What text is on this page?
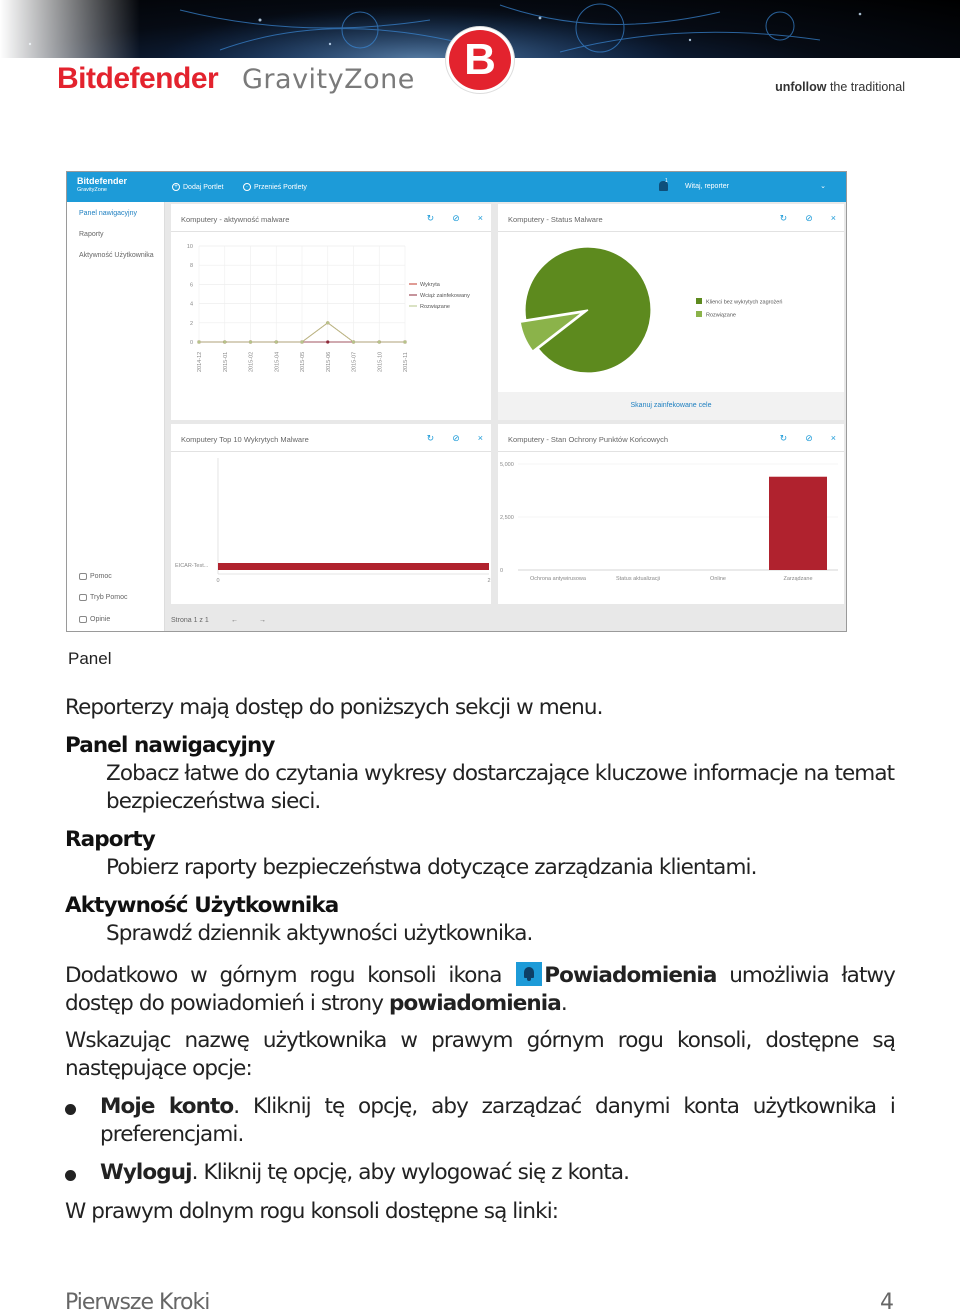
Bitdefender GravityZone	B
unfollow the traditional
Bitdefender
GravityZone	+ Dodaj Portlet	· Przenieś Portlety
1
Witaj, reporter	⌄
Panel nawigacyjny
Raporty
Aktywność Użytkownika
Pomoc
Tryb Pomoc
Opinie
Komputery - aktywność malware	↻ ⊘ ×
0
2
4
6
8
10
2014-12	2015-01	2015-02	2015-04	2015-05	2015-06	2015-07	2015-10	2015-11
Wykryta
Wciąż zainfekowany
Rozwiązane
Komputery - Status Malware	↻ ⊘ ×
Klienci bez wykrytych zagrożeń
Rozwiązane
Skanuj zainfekowane cele
Komputery Top 10 Wykrytych Malware	↻ ⊘ ×
EICAR-Test...
0	2
Komputery - Stan Ochrony Punktów Końcowych	↻ ⊘ ×
0
2,500
5,000
Ochrona antywirusowa	Status aktualizacji	Online	Zarządzane
Strona 1 z 1	←	→
Panel
Reporterzy mają dostęp do poniższych sekcji w menu.
Panel nawigacyjny
Zobacz łatwe do czytania wykresy dostarczające kluczowe informacje na temat bezpieczeństwa sieci.
Raporty
Pobierz raporty bezpieczeństwa dotyczące zarządzania klientami.
Aktywność Użytkownika
Sprawdź dziennik aktywności użytkownika.
Dodatkowo w górnym rogu konsoli ikona Powiadomienia umożliwia łatwy dostęp do powiadomień i strony powiadomienia.
Wskazując nazwę użytkownika w prawym górnym rogu konsoli, dostępne są następujące opcje:
Moje konto. Kliknij tę opcję, aby zarządzać danymi konta użytkownika i preferencjami.
Wyloguj. Kliknij tę opcję, aby wylogować się z konta.
W prawym dolnym rogu konsoli dostępne są linki:
Pierwsze Kroki	4
